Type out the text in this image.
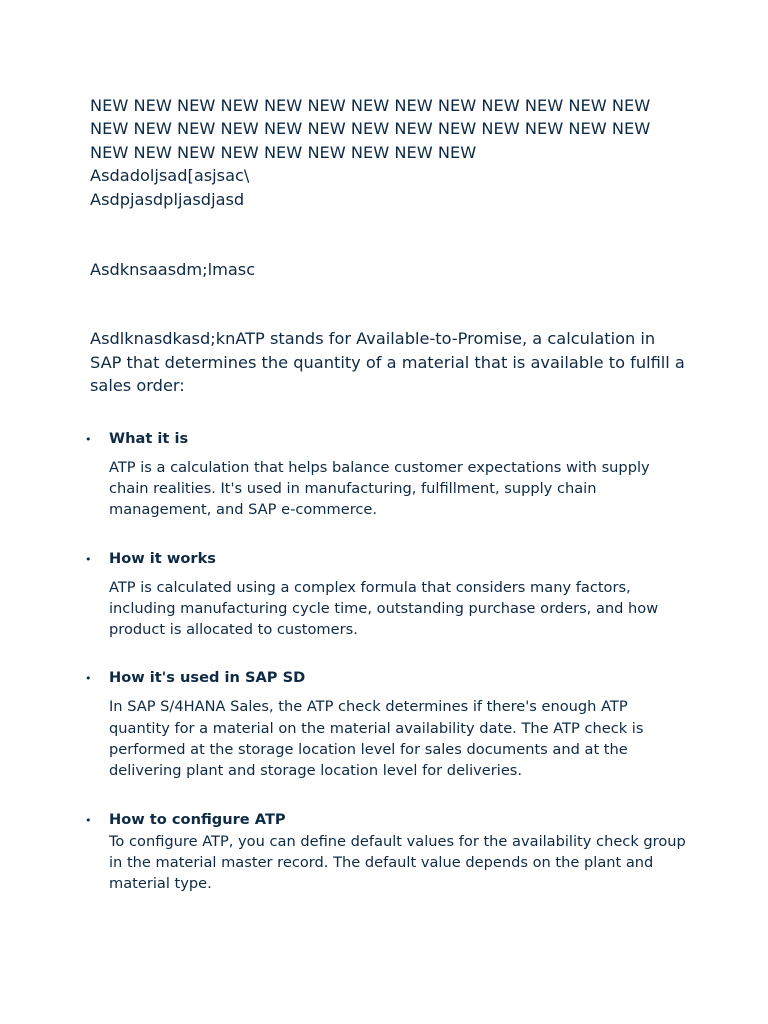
NEW NEW NEW NEW NEW NEW NEW NEW NEW NEW NEW NEW NEW NEW NEW NEW NEW NEW NEW NEW NEW NEW NEW NEW NEW NEW NEW NEW NEW NEW NEW NEW NEW NEW NEW

Asdadoljsad[asjsac\

Asdpjasdpljasdjasd

Asdknsaasdm;lmasc

Asdlknasdkasd;knATP stands for Available-to-Promise, a calculation in SAP that determines the quantity of a material that is available to fulfill a sales order:

• What it is

ATP is a calculation that helps balance customer expectations with supply chain realities. It's used in manufacturing, fulfillment, supply chain management, and SAP e-commerce.

• How it works

ATP is calculated using a complex formula that considers many factors, including manufacturing cycle time, outstanding purchase orders, and how product is allocated to customers.

• How it's used in SAP SD

In SAP S/4HANA Sales, the ATP check determines if there's enough ATP quantity for a material on the material availability date. The ATP check is performed at the storage location level for sales documents and at the delivering plant and storage location level for deliveries.

• How to configure ATP

To configure ATP, you can define default values for the availability check group in the material master record. The default value depends on the plant and material type.
